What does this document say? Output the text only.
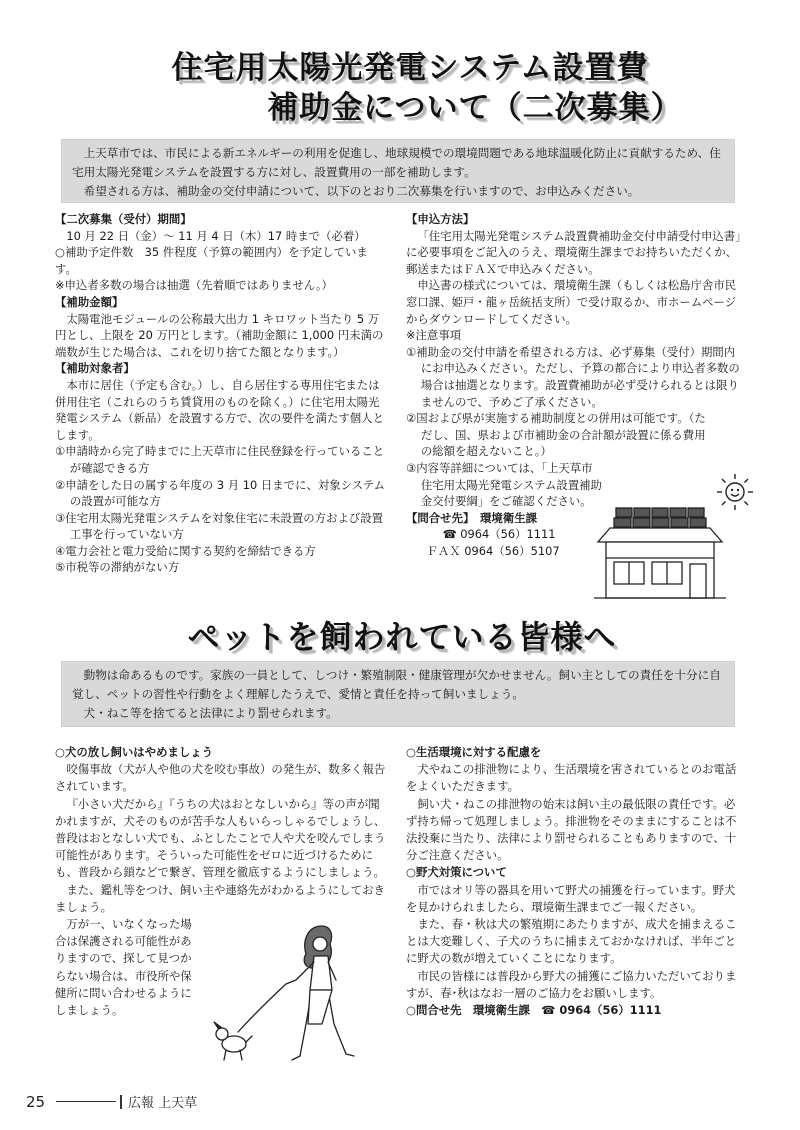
住宅用太陽光発電システム設置費
補助金について（二次募集）

上天草市では、市民による新エネルギーの利用を促進し、地球規模での環境問題である地球温暖化防止に貢献するため、住宅用太陽光発電システムを設置する方に対し、設置費用の一部を補助します。

希望される方は、補助金の交付申請について、以下のとおり二次募集を行いますので、お申込みください。

【二次募集（受付）期間】
10 月 22 日（金）～ 11 月 4 日（木）17 時まで（必着）
○補助予定件数　35 件程度（予算の範囲内）を予定しています。
※申込者多数の場合は抽選（先着順ではありません。）
【補助金額】
太陽電池モジュールの公称最大出力 1 キロワット当たり 5 万円とし、上限を 20 万円とします。（補助金額に 1,000 円未満の端数が生じた場合は、これを切り捨てた額となります。）
【補助対象者】
本市に居住（予定も含む。）し、自ら居住する専用住宅または併用住宅（これらのうち賃貸用のものを除く。）に住宅用太陽光発電システム（新品）を設置する方で、次の要件を満たす個人とします。
①申請時から完了時までに上天草市に住民登録を行っていることが確認できる方
②申請をした日の属する年度の 3 月 10 日までに、対象システムの設置が可能な方
③住宅用太陽光発電システムを対象住宅に未設置の方および設置工事を行っていない方
④電力会社と電力受給に関する契約を締結できる方
⑤市税等の滞納がない方
【申込方法】
「住宅用太陽光発電システム設置費補助金交付申請受付申込書」に必要事項をご記入のうえ、環境衛生課までお持ちいただくか、郵送またはＦＡＸで申込みください。
申込書の様式については、環境衛生課（もしくは松島庁舎市民窓口課、姫戸・龍ヶ岳統括支所）で受け取るか、市ホームページからダウンロードしてください。
※注意事項
①補助金の交付申請を希望される方は、必ず募集（受付）期間内にお申込みください。ただし、予算の都合により申込者多数の場合は抽選となります。設置費補助が必ず受けられるとは限りませんので、予めご了承ください。
②国および県が実施する補助制度との併用は可能です。（ただし、国、県および市補助金の合計額が設置に係る費用の総額を超えないこと。）
③内容等詳細については、「上天草市住宅用太陽光発電システム設置補助金交付要綱」をご確認ください。
【問合せ先】　環境衛生課
☎ 0964（56）1111
ＦＡＸ 0964（56）5107
ペットを飼われている皆様へ

動物は命あるものです。家族の一員として、しつけ・繁殖制限・健康管理が欠かせません。飼い主としての責任を十分に自覚し、ペットの習性や行動をよく理解したうえで、愛情と責任を持って飼いましょう。

犬・ねこ等を捨てると法律により罰せられます。

○犬の放し飼いはやめましょう
咬傷事故（犬が人や他の犬を咬む事故）の発生が、数多く報告されています。
『小さい犬だから』『うちの犬はおとなしいから』等の声が聞かれますが、犬そのものが苦手な人もいらっしゃるでしょうし、普段はおとなしい犬でも、ふとしたことで人や犬を咬んでしまう可能性があります。そういった可能性をゼロに近づけるためにも、普段から鎖などで繋ぎ、管理を徹底するようにしましょう。
また、鑑札等をつけ、飼い主や連絡先がわかるようにしておきましょう。
万が一、いなくなった場合は保護される可能性がありますので、探して見つからない場合は、市役所や保健所に問い合わせるようにしましょう。
○生活環境に対する配慮を
犬やねこの排泄物により、生活環境を害されているとのお電話をよくいただきます。
飼い犬・ねこの排泄物の始末は飼い主の最低限の責任です。必ず持ち帰って処理しましょう。排泄物をそのままにすることは不法投棄に当たり、法律により罰せられることもありますので、十分ご注意ください。
○野犬対策について
市ではオリ等の器具を用いて野犬の捕獲を行っています。野犬を見かけられましたら、環境衛生課までご一報ください。
また、春・秋は犬の繁殖期にあたりますが、成犬を捕まえることは大変難しく、子犬のうちに捕まえておかなければ、半年ごとに野犬の数が増えていくことになります。
市民の皆様には普段から野犬の捕獲にご協力いただいておりますが、春･秋はなお一層のご協力をお願いします。
○問合せ先　環境衛生課　☎ 0964（56）1111
25	広報 上天草
